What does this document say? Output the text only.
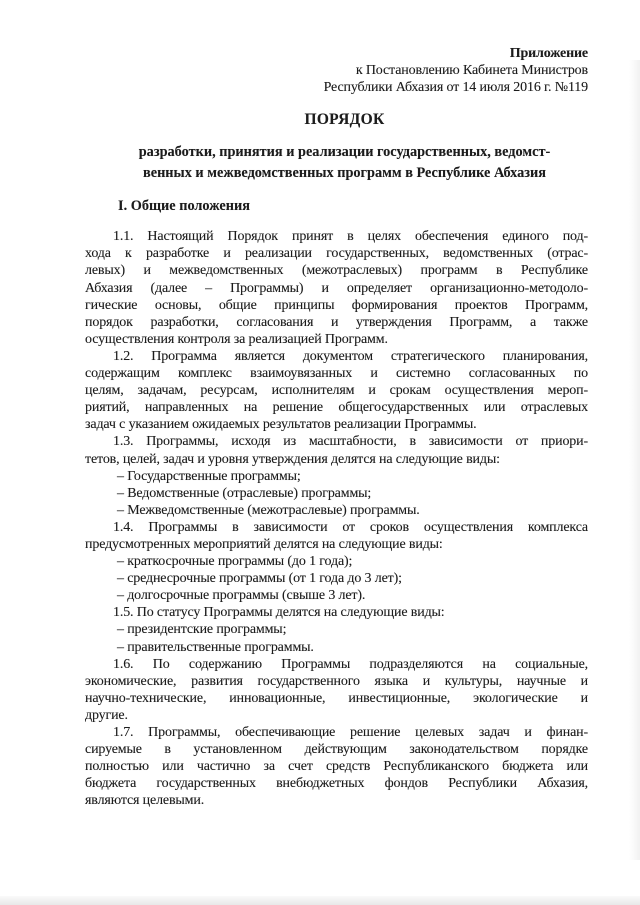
Приложение
к Постановлению Кабинета Министров
Республики Абхазия от 14 июля 2016 г. №119
ПОРЯДОК
разработки, принятия и реализации государственных, ведомст-
венных и межведомственных программ в Республике Абхазия
I. Общие положения
1.1. Настоящий Порядок принят в целях обеспечения единого под-
хода к разработке и реализации государственных, ведомственных (отрас-
левых) и межведомственных (межотраслевых) программ в Республике
Абхазия (далее – Программы) и определяет организационно-методоло-
гические основы, общие принципы формирования проектов Программ,
порядок разработки, согласования и утверждения Программ, а также
осуществления контроля за реализацией Программ.
1.2. Программа является документом стратегического планирования,
содержащим комплекс взаимоувязанных и системно согласованных по
целям, задачам, ресурсам, исполнителям и срокам осуществления мероп-
риятий, направленных на решение общегосударственных или отраслевых
задач с указанием ожидаемых результатов реализации Программы.
1.3. Программы, исходя из масштабности, в зависимости от приори-
тетов, целей, задач и уровня утверждения делятся на следующие виды:
– Государственные программы;
– Ведомственные (отраслевые) программы;
– Межведомственные (межотраслевые) программы.
1.4. Программы в зависимости от сроков осуществления комплекса
предусмотренных мероприятий делятся на следующие виды:
– краткосрочные программы (до 1 года);
– среднесрочные программы (от 1 года до 3 лет);
– долгосрочные программы (свыше 3 лет).
1.5. По статусу Программы делятся на следующие виды:
– президентские программы;
– правительственные программы.
1.6. По содержанию Программы подразделяются на социальные,
экономические, развития государственного языка и культуры, научные и
научно-технические, инновационные, инвестиционные, экологические и
другие.
1.7. Программы, обеспечивающие решение целевых задач и финан-
сируемые в установленном действующим законодательством порядке
полностью или частично за счет средств Республиканского бюджета или
бюджета государственных внебюджетных фондов Республики Абхазия,
являются целевыми.
